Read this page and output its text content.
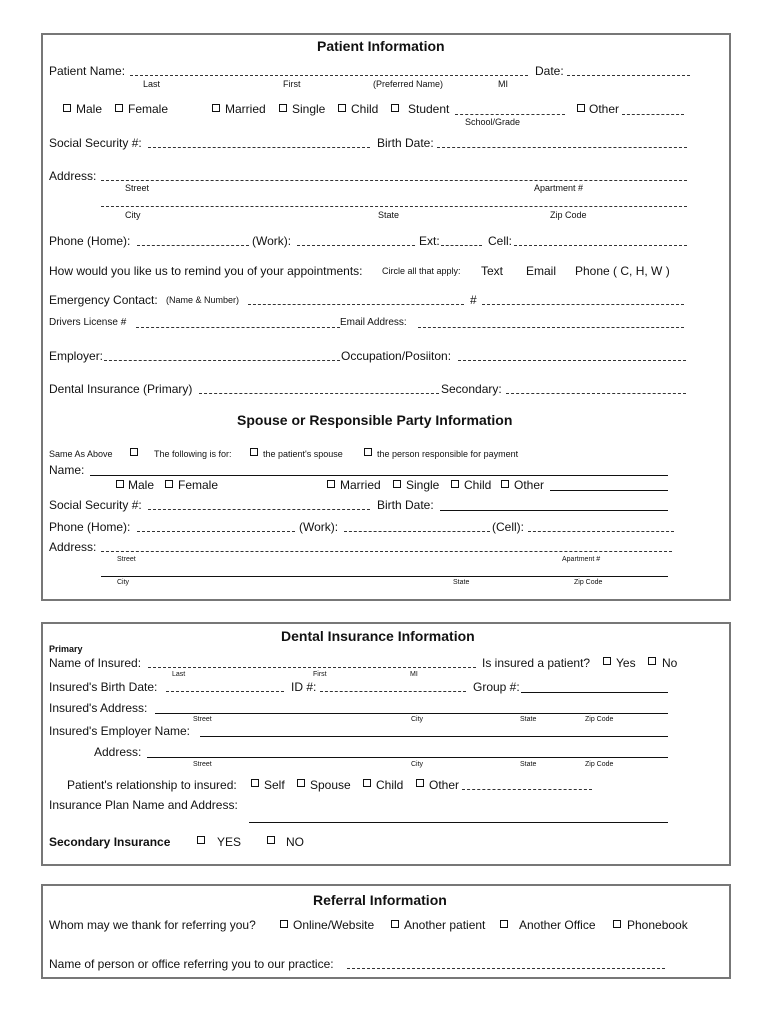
Patient Information
Patient Name:	Date:
Last	First	(Preferred Name)	MI
Male Female	Married Single Child Student
School/Grade
Other
Social Security #:	Birth Date:
Address:
Street	Apartment #
City	State	Zip Code
Phone (Home):	(Work):	Ext:	Cell:
How would you like us to remind you of your appointments: Circle all that apply: Text Email Phone ( C, H, W )
Emergency Contact: (Name & Number)	#
Drivers License #	Email Address:
Employer:	Occupation/Posiiton:
Dental Insurance (Primary)	Secondary:
Spouse or Responsible Party Information
Same As Above	The following is for:	the patient's spouse	the person responsible for payment
Name:
Male Female	Married Single Child Other
Social Security #:	Birth Date:
Phone (Home):	(Work):	(Cell):
Address:
Street	Apartment #
City	State	Zip Code
Dental Insurance Information
Primary
Name of Insured:
Last	First	MI
Is insured a patient? Yes No
Insured's Birth Date:	ID #:	Group #:
Insured's Address:
Street	City	State	Zip Code
Insured's Employer Name:
Address:
Street	City	State	Zip Code
Patient's relationship to insured: Self Spouse Child Other
Insurance Plan Name and Address:
Secondary Insurance	YES	NO
Referral Information
Whom may we thank for referring you?	Online/Website Another patient	Another Office	Phonebook
Name of person or office referring you to our practice:
